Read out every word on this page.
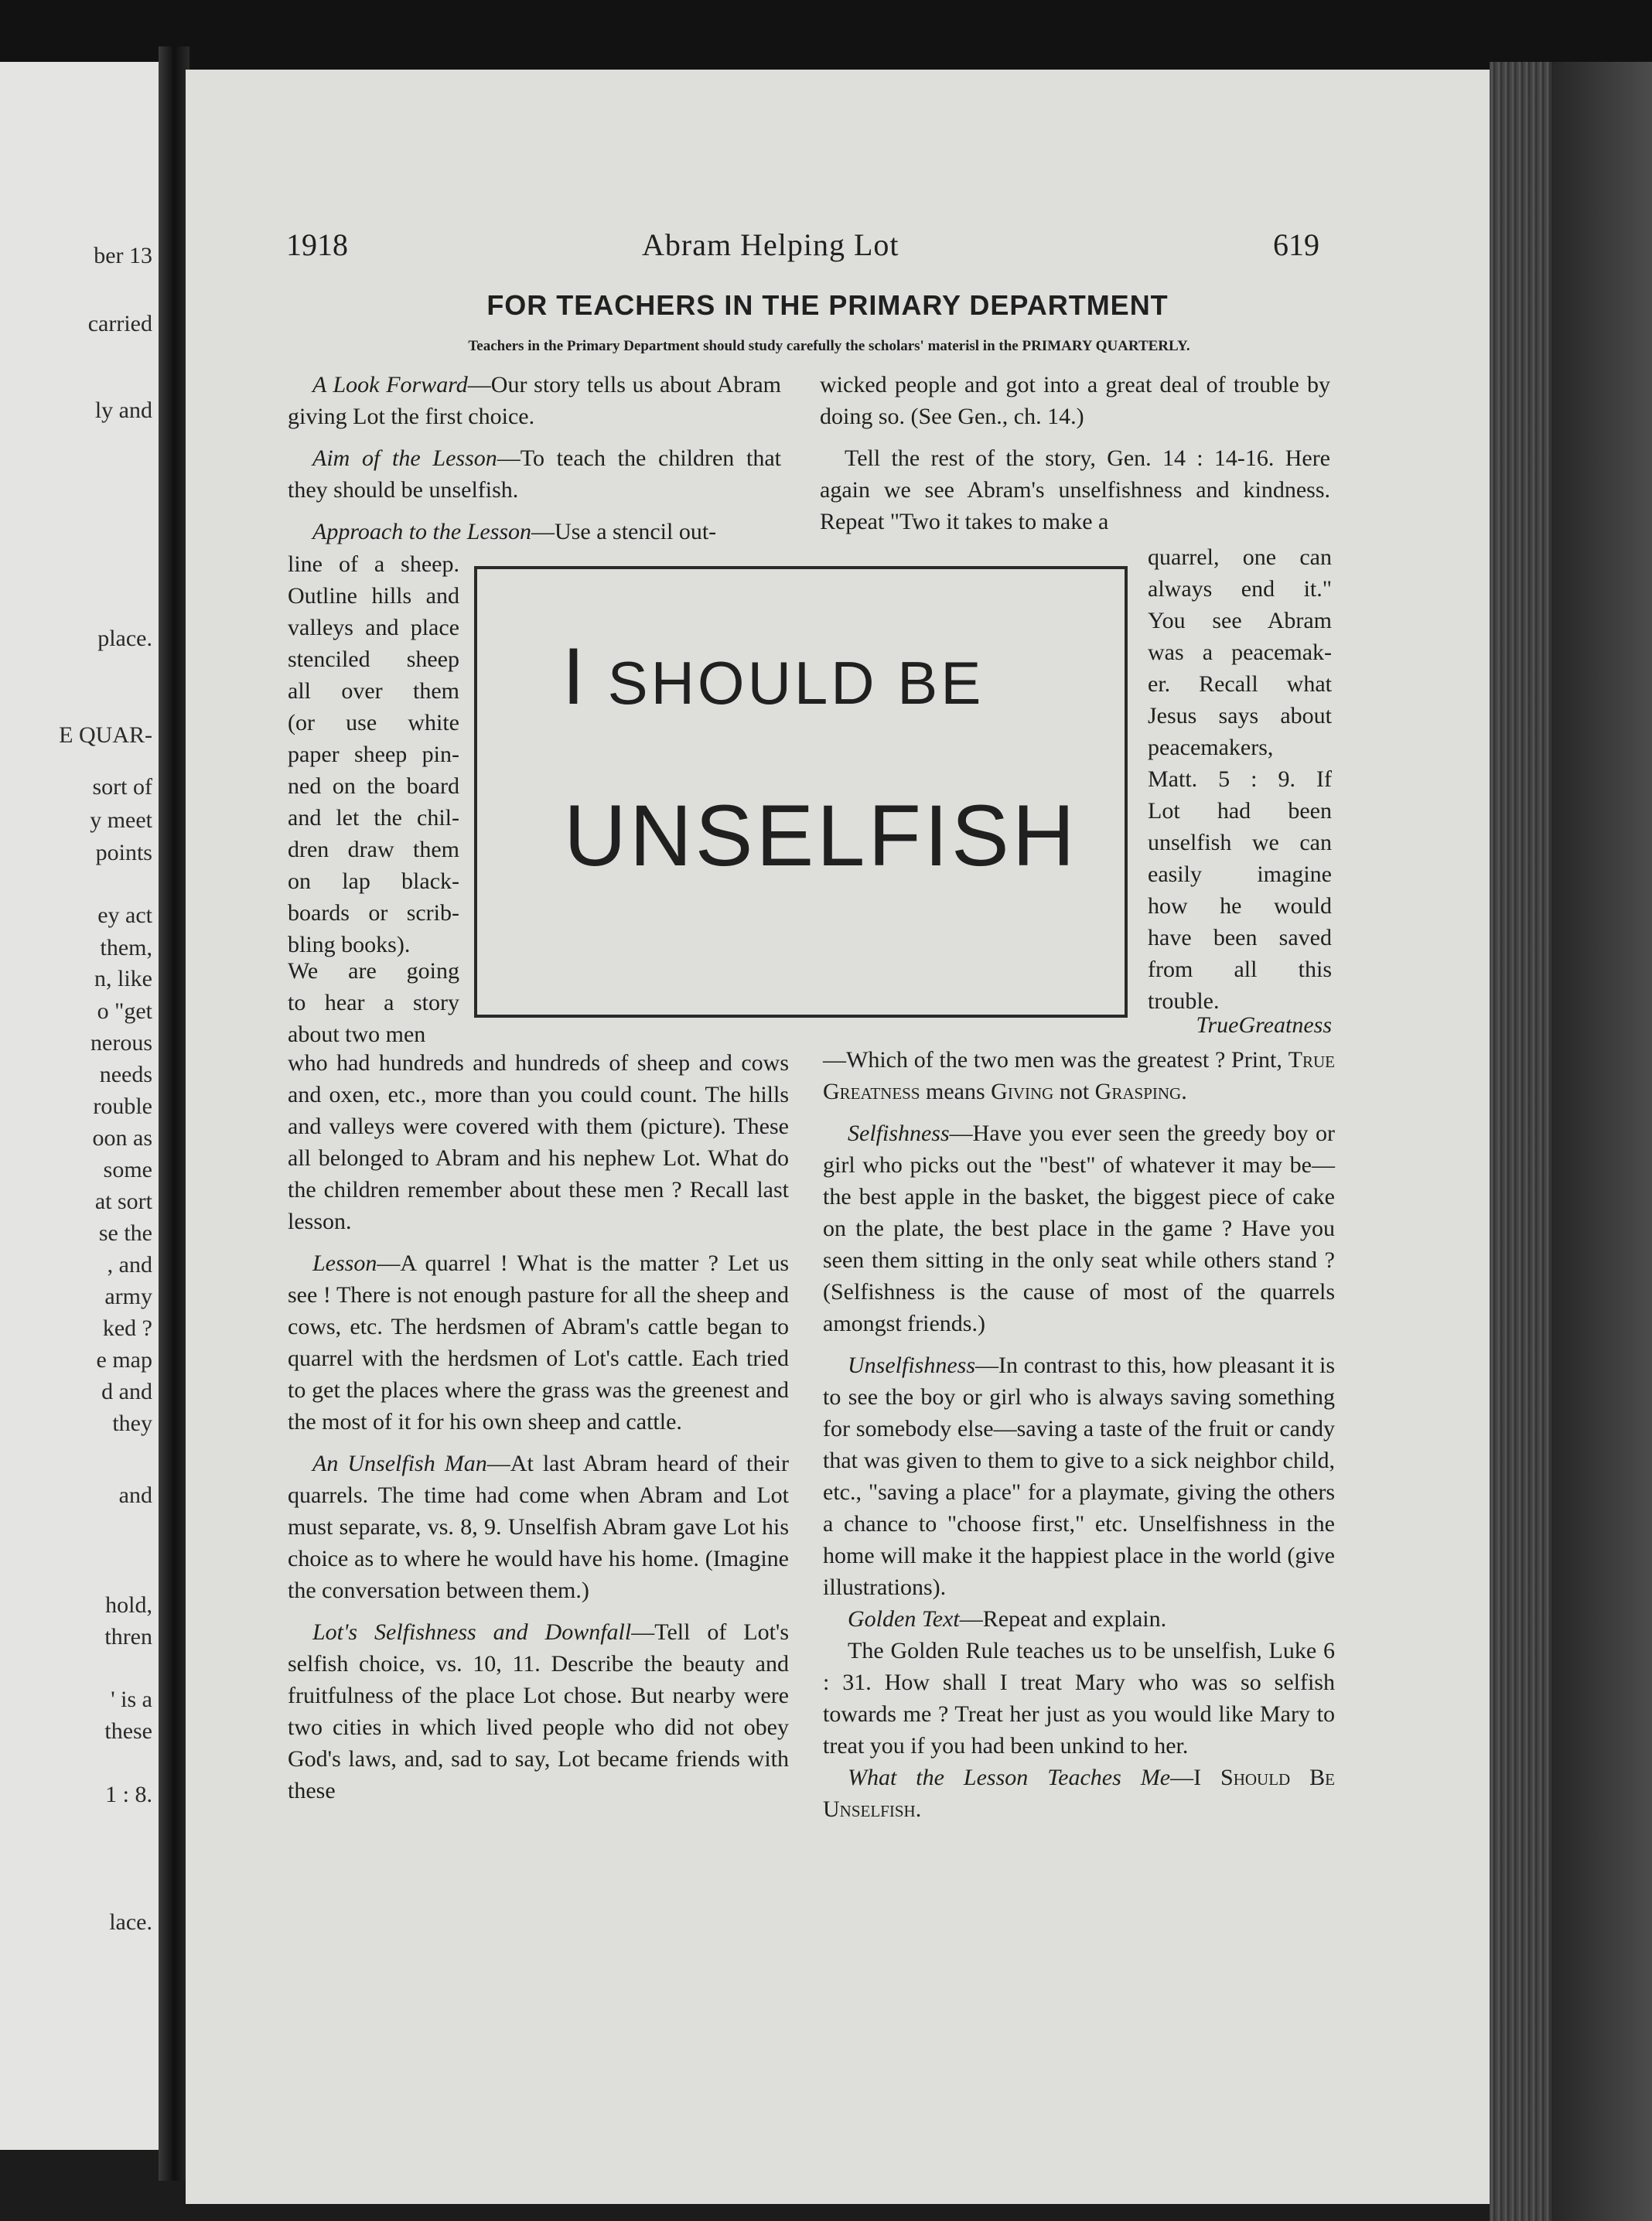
ber 13
carried
ly and
place.
E QUAR-
sort of
y meet
points
ey act
them,
n, like
o "get
nerous
needs
rouble
oon as
some
at sort
se the
, and
army
ked ?
e map
d and
they
and
hold,
thren
' is a
these
1 : 8.
lace.
1918	Abram Helping Lot	619
FOR TEACHERS IN THE PRIMARY DEPARTMENT
Teachers in the Primary Department should study carefully the scholars' materisl in the PRIMARY QUARTERLY.

A Look Forward—Our story tells us about Abram giving Lot the first choice.

Aim of the Lesson—To teach the children that they should be unselfish.

Approach to the Lesson—Use a stencil out-

line of a sheep.
Outline hills and
valleys and place
stenciled sheep
all over them
(or use white
paper sheep pin-
ned on the board
and let the chil-
dren draw them
on lap black-
boards or scrib-
bling books).
We are going
to hear a story
about two men

who had hundreds and hundreds of sheep and cows and oxen, etc., more than you could count. The hills and valleys were covered with them (picture). These all belonged to Abram and his nephew Lot. What do the children remember about these men ? Recall last lesson.

Lesson—A quarrel ! What is the matter ? Let us see ! There is not enough pasture for all the sheep and cows, etc. The herdsmen of Abram's cattle began to quarrel with the herdsmen of Lot's cattle. Each tried to get the places where the grass was the greenest and the most of it for his own sheep and cattle.

An Unselfish Man—At last Abram heard of their quarrels. The time had come when Abram and Lot must separate, vs. 8, 9. Unselfish Abram gave Lot his choice as to where he would have his home. (Imagine the conversation between them.)

Lot's Selfishness and Downfall—Tell of Lot's selfish choice, vs. 10, 11. Describe the beauty and fruitfulness of the place Lot chose. But nearby were two cities in which lived people who did not obey God's laws, and, sad to say, Lot became friends with these

wicked people and got into a great deal of trouble by doing so. (See Gen., ch. 14.)

Tell the rest of the story, Gen. 14 : 14-16. Here again we see Abram's unselfishness and kindness. Repeat "Two it takes to make a

quarrel, one can
always end it."
You see Abram
was a peacemak-
er. Recall what
Jesus says about
peacemakers,
Matt. 5 : 9. If
Lot had been
unselfish we can
easily imagine
how he would
have been saved
from all this
trouble.
TrueGreatness

—Which of the two men was the greatest ? Print, True Greatness means Giving not Grasping.

Selfishness—Have you ever seen the greedy boy or girl who picks out the "best" of whatever it may be—the best apple in the basket, the biggest piece of cake on the plate, the best place in the game ? Have you seen them sitting in the only seat while others stand ? (Selfishness is the cause of most of the quarrels amongst friends.)

Unselfishness—In contrast to this, how pleasant it is to see the boy or girl who is always saving something for somebody else—saving a taste of the fruit or candy that was given to them to give to a sick neighbor child, etc., "saving a place" for a playmate, giving the others a chance to "choose first," etc. Unselfishness in the home will make it the happiest place in the world (give illustrations).

Golden Text—Repeat and explain.

The Golden Rule teaches us to be unselfish, Luke 6 : 31. How shall I treat Mary who was so selfish towards me ? Treat her just as you would like Mary to treat you if you had been unkind to her.

What the Lesson Teaches Me—I Should Be Unselfish.

I SHOULD BE
UNSELFISH
